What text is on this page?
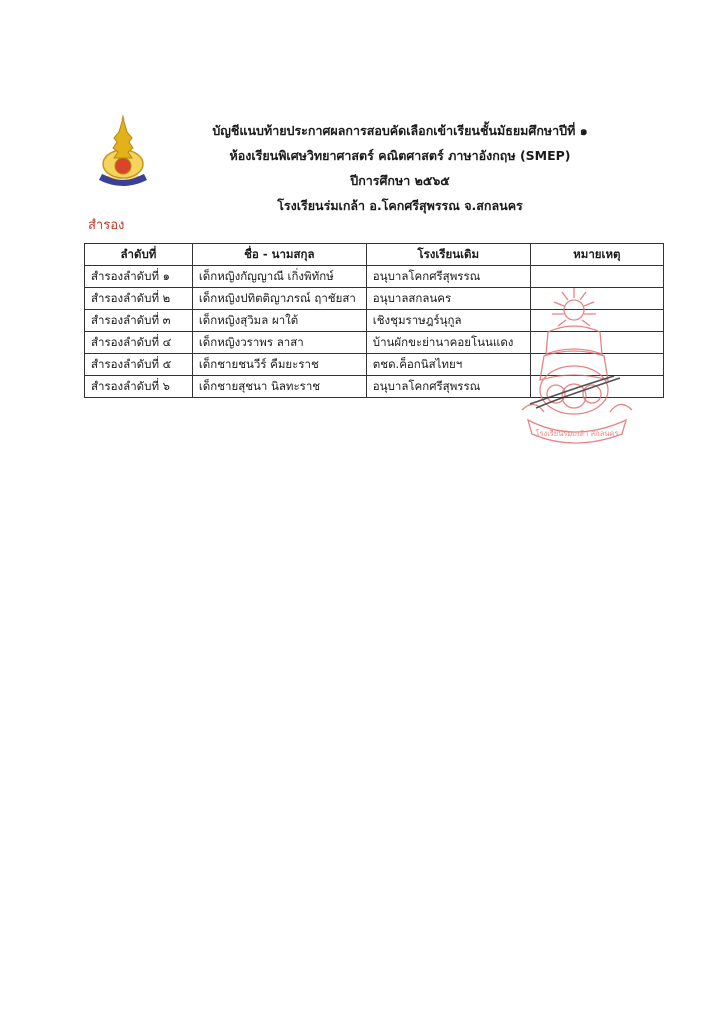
บัญชีแนบท้ายประกาศผลการสอบคัดเลือกเข้าเรียนชั้นมัธยมศึกษาปีที่ ๑
ห้องเรียนพิเศษวิทยาศาสตร์ คณิตศาสตร์ ภาษาอังกฤษ (SMEP)
ปีการศึกษา ๒๕๖๕
โรงเรียนร่มเกล้า อ.โคกศรีสุพรรณ จ.สกลนคร
สำรอง
ลำดับที่	ชื่อ - นามสกุล	โรงเรียนเดิม	หมายเหตุ
สำรองลำดับที่ ๑	เด็กหญิงกัญญาณี เกิ่งพิทักษ์	อนุบาลโคกศรีสุพรรณ	
สำรองลำดับที่ ๒	เด็กหญิงปทิตติญาภรณ์ ฤาชัยสา	อนุบาลสกลนคร	
สำรองลำดับที่ ๓	เด็กหญิงสุวิมล ผาใต้	เชิงชุมราษฎร์นุกูล	
สำรองลำดับที่ ๔	เด็กหญิงวราพร ลาสา	บ้านผักขะย่านาคอยโนนแดง	
สำรองลำดับที่ ๕	เด็กชายชนวีร์ คืมยะราช	ตชด.ค็อกนิสไทยฯ	
สำรองลำดับที่ ๖	เด็กชายสุชนา นิลทะราช	อนุบาลโคกศรีสุพรรณ	
โรงเรียนร่มเกล้า สกลนคร
